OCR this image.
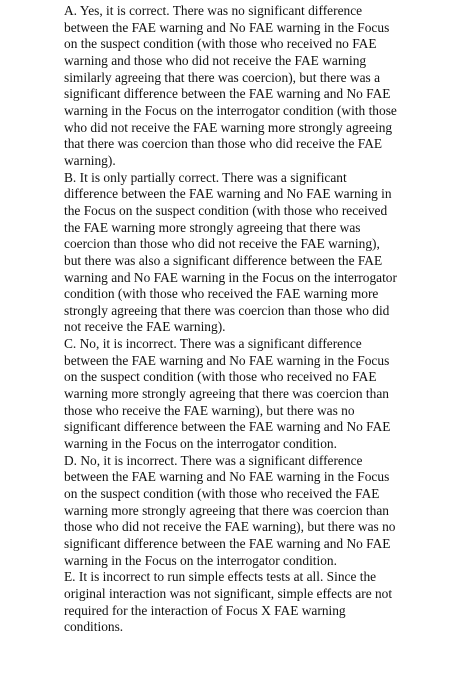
A. Yes, it is correct. There was no significant difference
between the FAE warning and No FAE warning in the Focus
on the suspect condition (with those who received no FAE
warning and those who did not receive the FAE warning
similarly agreeing that there was coercion), but there was a
significant difference between the FAE warning and No FAE
warning in the Focus on the interrogator condition (with those
who did not receive the FAE warning more strongly agreeing
that there was coercion than those who did receive the FAE
warning).

B. It is only partially correct. There was a significant
difference between the FAE warning and No FAE warning in
the Focus on the suspect condition (with those who received
the FAE warning more strongly agreeing that there was
coercion than those who did not receive the FAE warning),
but there was also a significant difference between the FAE
warning and No FAE warning in the Focus on the interrogator
condition (with those who received the FAE warning more
strongly agreeing that there was coercion than those who did
not receive the FAE warning).

C. No, it is incorrect. There was a significant difference
between the FAE warning and No FAE warning in the Focus
on the suspect condition (with those who received no FAE
warning more strongly agreeing that there was coercion than
those who receive the FAE warning), but there was no
significant difference between the FAE warning and No FAE
warning in the Focus on the interrogator condition.

D. No, it is incorrect. There was a significant difference
between the FAE warning and No FAE warning in the Focus
on the suspect condition (with those who received the FAE
warning more strongly agreeing that there was coercion than
those who did not receive the FAE warning), but there was no
significant difference between the FAE warning and No FAE
warning in the Focus on the interrogator condition.

E. It is incorrect to run simple effects tests at all. Since the
original interaction was not significant, simple effects are not
required for the interaction of Focus X FAE warning
conditions.
